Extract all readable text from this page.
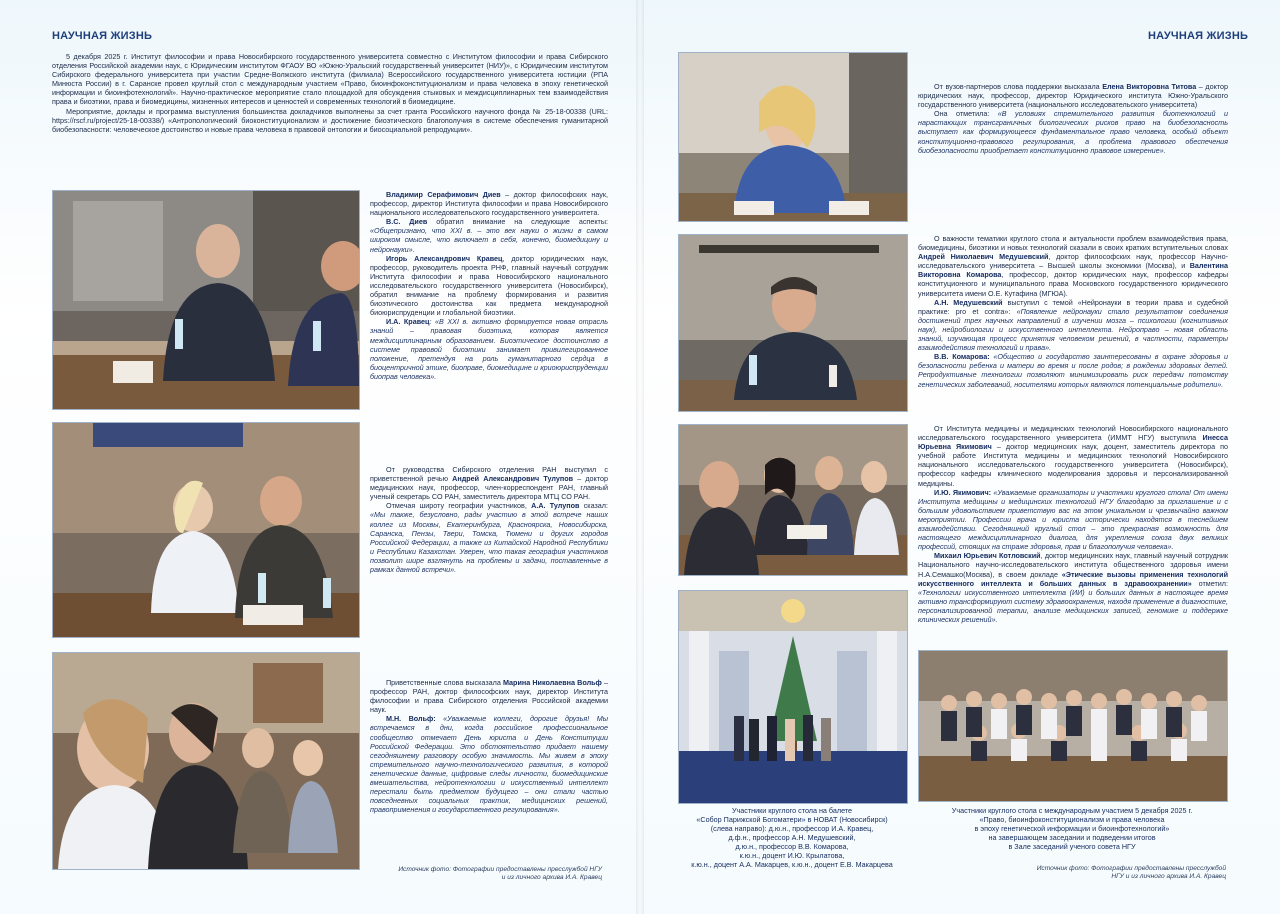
НАУЧНАЯ ЖИЗНЬ	НАУЧНАЯ ЖИЗНЬ

5 декабря 2025 г. Институт философии и права Новосибирского государственного университета совместно с Институтом философии и права Сибирского отделения Российской академии наук, с Юридическим институтом ФГАОУ ВО «Южно-Уральский государственный университет (НИУ)», с Юридическим институтом Сибирского федерального университета при участии Средне-Волжского института (филиала) Всероссийского государственного университета юстиции (РПА Минюста России) в г. Саранске провел круглый стол с международным участием «Право, биоинфоконституционализм и права человека в эпоху генетической информации и биоинфотехнологий». Научно-практическое мероприятие стало площадкой для обсуждения стыковых и междисциплинарных тем взаимодействия права и биоэтики, права и биомедицины, жизненных интересов и ценностей и современных технологий в биомедицине.

Мероприятие, доклады и программа выступления большинства докладчиков выполнены за счет гранта Российского научного фонда № 25-18-00338 (URL: https://rscf.ru/project/25-18-00338/) «Антропологический биоконституционализм и достижение биоэтического благополучия в системе обеспечения гуманитарной биобезопасности: человеческое достоинство и новые права человека в правовой онтологии и биосоциальной репродукции».

Владимир Серафимович Диев – доктор философских наук, профессор, директор Института философии и права Новосибирского национального исследовательского государственного университета.

В.С. Диев обратил внимание на следующие аспекты: «Общепризнано, что XXI в. – это век науки о жизни в самом широком смысле, что включает в себя, конечно, биомедицину и нейронауки».

Игорь Александрович Кравец, доктор юридических наук, профессор, руководитель проекта РНФ, главный научный сотрудник Института философии и права Новосибирского национального исследовательского государственного университета (Новосибирск), обратил внимание на проблему формирования и развития биоэтического достоинства как предмета международной биоюриспруденции и глобальной биоэтики.

И.А. Кравец: «В XXI в. активно формируется новая отрасль знаний – правовая биоэтика, которая является междисциплинарным образованием. Биоэтическое достоинство в системе правовой биоэтики занимает привилегированное положение, претендуя на роль гуманитарного сердца в биоцентричной этике, биоправе, биомедицине и криоюриспруденции биоправ человека».

От руководства Сибирского отделения РАН выступил с приветственной речью Андрей Александрович Тулупов – доктор медицинских наук, профессор, член-корреспондент РАН, главный ученый секретарь СО РАН, заместитель директора МТЦ СО РАН.

Отмечая широту географии участников, А.А. Тулупов сказал: «Мы также, безусловно, рады участию в этой встрече наших коллег из Москвы, Екатеринбурга, Красноярска, Новосибирска, Саранска, Пензы, Твери, Томска, Тюмени и других городов Российской Федерации, а также из Китайской Народной Республики и Республики Казахстан. Уверен, что такая география участников позволит шире взглянуть на проблемы и задачи, поставленные в рамках данной встречи».

Приветственные слова высказала Марина Николаевна Вольф – профессор РАН, доктор философских наук, директор Института философии и права Сибирского отделения Российской академии наук.

М.Н. Вольф: «Уважаемые коллеги, дорогие друзья! Мы встречаемся в дни, когда российское профессиональное сообщество отмечает День юриста и День Конституции Российской Федерации. Это обстоятельство придает нашему сегодняшнему разговору особую значимость. Мы живем в эпоху стремительного научно-технологического развития, в которой генетические данные, цифровые следы личности, биомедицинские вмешательства, нейротехнологии и искусственный интеллект перестали быть предметом будущего – они стали частью повседневных социальных практик, медицинских решений, правоприменения и государственного регулирования».

Источник фото: Фотографии предоставлены пресслужбой НГУ
и из личного архива И.А. Кравец

От вузов-партнеров слова поддержки высказала Елена Викторовна Титова – доктор юридических наук, профессор, директор Юридического института Южно-Уральского государственного университета (национального исследовательского университета)

Она отметила: «В условиях стремительного развития биотехнологий и нарастающих трансграничных биологических рисков право на биобезопасность выступает как формирующееся фундаментальное право человека, особый объект конституционно-правового регулирования, а проблема правового обеспечения биобезопасности приобретает конституционно правовое измерение».

О важности тематики круглого стола и актуальности проблем взаимодействия права, биомедицины, биоэтики и новых технологий сказали в своих кратких вступительных словах Андрей Николаевич Медушевский, доктор философских наук, профессор Научно-исследовательского университета – Высшей школы экономики (Москва), и Валентина Викторовна Комарова, профессор, доктор юридических наук, профессор кафедры конституционного и муниципального права Московского государственного юридического университета имени О.Е. Кутафина (МГЮА).

А.Н. Медушевский выступил с темой «Нейронауки в теории права и судебной практике: pro et contra»: «Появление нейронауки стало результатом соединения достижений трех научных направлений в изучении мозга – психологии (когнитивных наук), нейробиологии и искусственного интеллекта. Нейроправо – новая область знаний, изучающая процесс принятия человеком решений, в частности, параметры взаимодействия технологий и права».

В.В. Комарова: «Общество и государство заинтересованы в охране здоровья и безопасности ребенка и матери во время и после родов; в рождении здоровых детей. Репродуктивные технологии позволяют минимизировать риск передачи потомству генетических заболеваний, носителями которых являются потенциальные родители».

От Института медицины и медицинских технологий Новосибирского национального исследовательского государственного университета (ИММТ НГУ) выступила Инесса Юрьевна Якимович – доктор медицинских наук, доцент, заместитель директора по учебной работе Института медицины и медицинских технологий Новосибирского национального исследовательского государственного университета (Новосибирск), профессор кафедры клинического моделирования здоровья и персонализированной медицины.

И.Ю. Якимович: «Уважаемые организаторы и участники круглого стола! От имени Института медицины и медицинских технологий НГУ благодарю за приглашение и с большим удовольствием приветствую вас на этом уникальном и чрезвычайно важном мероприятии. Профессии врача и юриста исторически находятся в теснейшем взаимодействии. Сегодняшний круглый стол – это прекрасная возможность для настоящего междисциплинарного диалога, для укрепления союза двух великих профессий, стоящих на страже здоровья, прав и благополучия человека».

Михаил Юрьевич Котловский, доктор медицинских наук, главный научный сотрудник Национального научно-исследовательского института общественного здоровья имени Н.А.Семашко(Москва), в своем докладе «Этические вызовы применения технологий искусственного интеллекта и больших данных в здравоохранении» отметил: «Технологии искусственного интеллекта (ИИ) и больших данных в настоящее время активно трансформируют систему здравоохранения, находя применение в диагностике, персонализированной терапии, анализе медицинских записей, геномике и поддержке клинических решений».

Участники круглого стола на балете
«Собор Парижской Богоматери» в НОВАТ (Новосибирск)
(слева направо): д.ю.н., профессор И.А. Кравец,
д.ф.н., профессор А.Н. Медушевский,
д.ю.н., профессор В.В. Комарова,
к.ю.н., доцент И.Ю. Крылатова,
к.ю.н., доцент А.А. Макарцев, к.ю.н., доцент Е.В. Макарцева
Участники круглого стола с международным участием 5 декабря 2025 г.
«Право, биоинфоконституционализм и права человека
в эпоху генетической информации и биоинфотехнологий»
на завершающем заседании и подведении итогов
в Зале заседаний ученого совета НГУ
Источник фото: Фотографии предоставлены пресслужбой
НГУ и из личного архива И.А. Кравец
